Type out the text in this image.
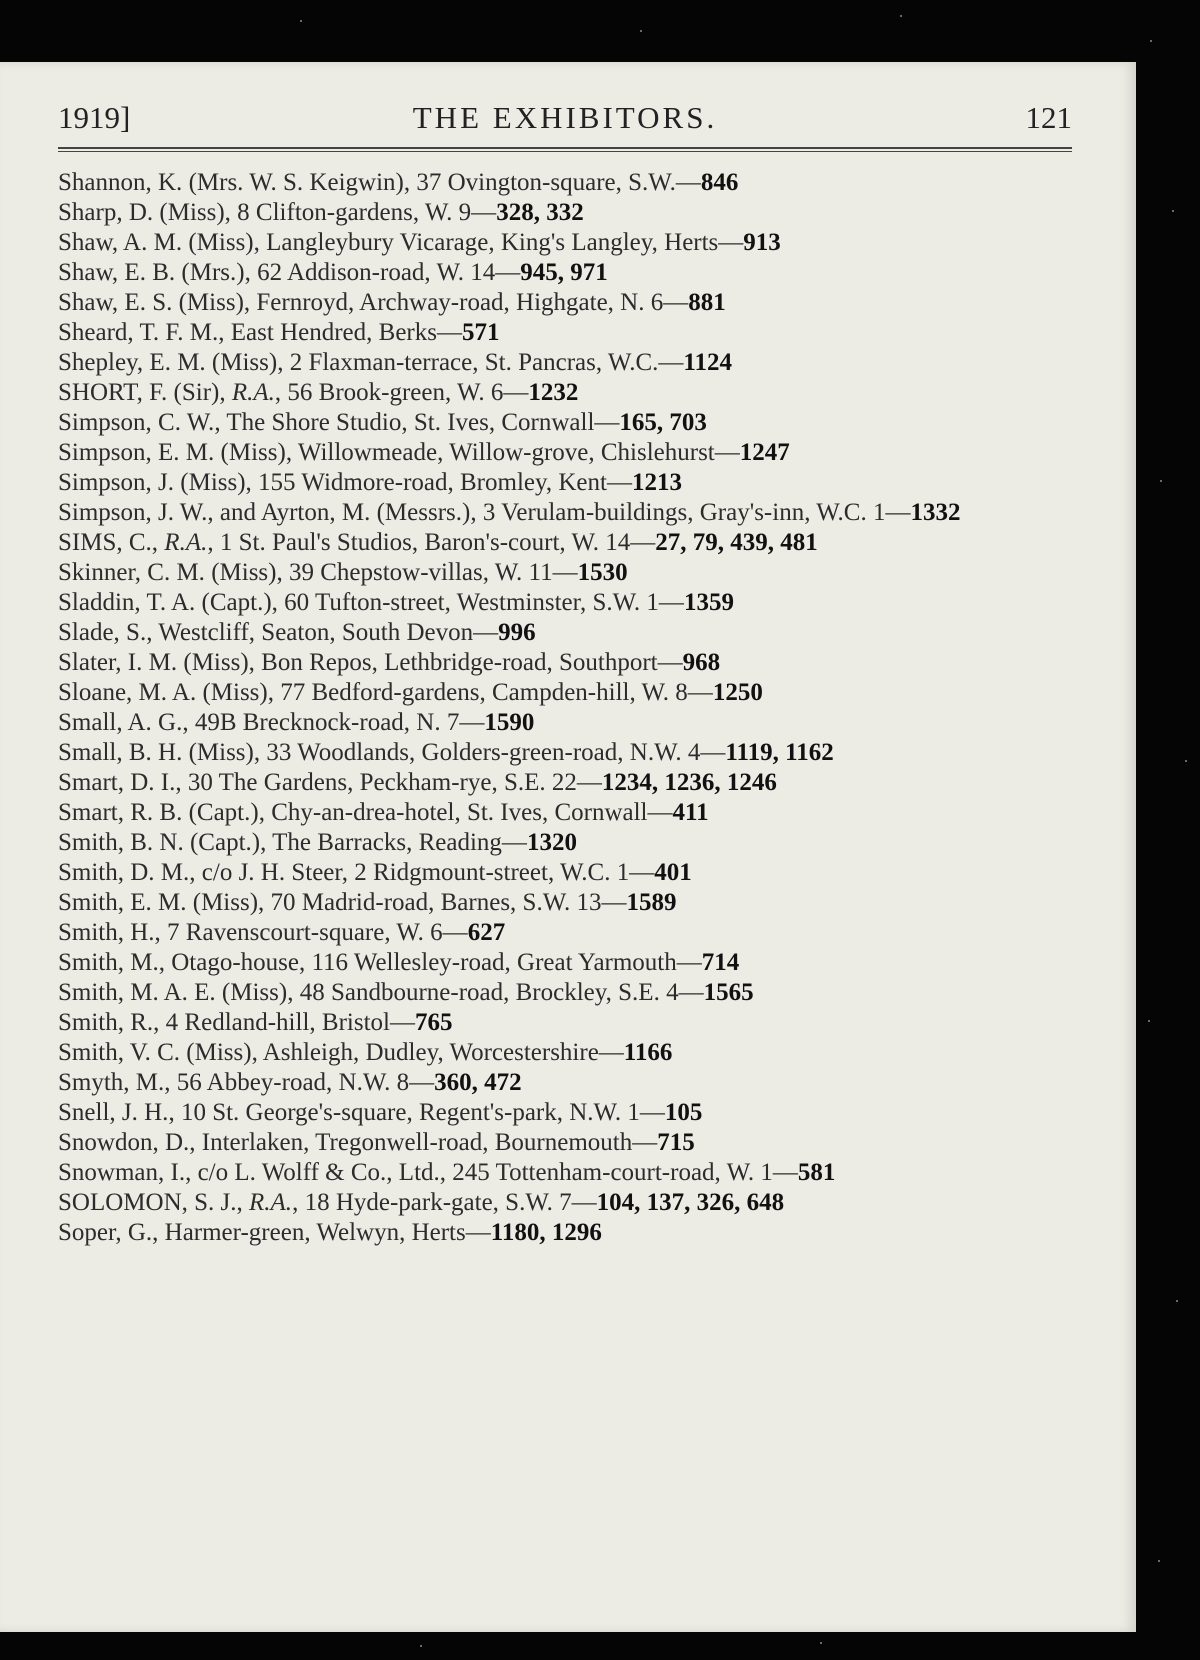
1919]	THE EXHIBITORS.	121
Shannon, K. (Mrs. W. S. Keigwin), 37 Ovington-square, S.W.—846
Sharp, D. (Miss), 8 Clifton-gardens, W. 9—328, 332
Shaw, A. M. (Miss), Langleybury Vicarage, King's Langley, Herts—913
Shaw, E. B. (Mrs.), 62 Addison-road, W. 14—945, 971
Shaw, E. S. (Miss), Fernroyd, Archway-road, Highgate, N. 6—881
Sheard, T. F. M., East Hendred, Berks—571
Shepley, E. M. (Miss), 2 Flaxman-terrace, St. Pancras, W.C.—1124
SHORT, F. (Sir), R.A., 56 Brook-green, W. 6—1232
Simpson, C. W., The Shore Studio, St. Ives, Cornwall—165, 703
Simpson, E. M. (Miss), Willowmeade, Willow-grove, Chislehurst—1247
Simpson, J. (Miss), 155 Widmore-road, Bromley, Kent—1213
Simpson, J. W., and Ayrton, M. (Messrs.), 3 Verulam-buildings, Gray's-inn, W.C. 1—1332
SIMS, C., R.A., 1 St. Paul's Studios, Baron's-court, W. 14—27, 79, 439, 481
Skinner, C. M. (Miss), 39 Chepstow-villas, W. 11—1530
Sladdin, T. A. (Capt.), 60 Tufton-street, Westminster, S.W. 1—1359
Slade, S., Westcliff, Seaton, South Devon—996
Slater, I. M. (Miss), Bon Repos, Lethbridge-road, Southport—968
Sloane, M. A. (Miss), 77 Bedford-gardens, Campden-hill, W. 8—1250
Small, A. G., 49B Brecknock-road, N. 7—1590
Small, B. H. (Miss), 33 Woodlands, Golders-green-road, N.W. 4—1119, 1162
Smart, D. I., 30 The Gardens, Peckham-rye, S.E. 22—1234, 1236, 1246
Smart, R. B. (Capt.), Chy-an-drea-hotel, St. Ives, Cornwall—411
Smith, B. N. (Capt.), The Barracks, Reading—1320
Smith, D. M., c/o J. H. Steer, 2 Ridgmount-street, W.C. 1—401
Smith, E. M. (Miss), 70 Madrid-road, Barnes, S.W. 13—1589
Smith, H., 7 Ravenscourt-square, W. 6—627
Smith, M., Otago-house, 116 Wellesley-road, Great Yarmouth—714
Smith, M. A. E. (Miss), 48 Sandbourne-road, Brockley, S.E. 4—1565
Smith, R., 4 Redland-hill, Bristol—765
Smith, V. C. (Miss), Ashleigh, Dudley, Worcestershire—1166
Smyth, M., 56 Abbey-road, N.W. 8—360, 472
Snell, J. H., 10 St. George's-square, Regent's-park, N.W. 1—105
Snowdon, D., Interlaken, Tregonwell-road, Bournemouth—715
Snowman, I., c/o L. Wolff & Co., Ltd., 245 Tottenham-court-road, W. 1—581
SOLOMON, S. J., R.A., 18 Hyde-park-gate, S.W. 7—104, 137, 326, 648
Soper, G., Harmer-green, Welwyn, Herts—1180, 1296
